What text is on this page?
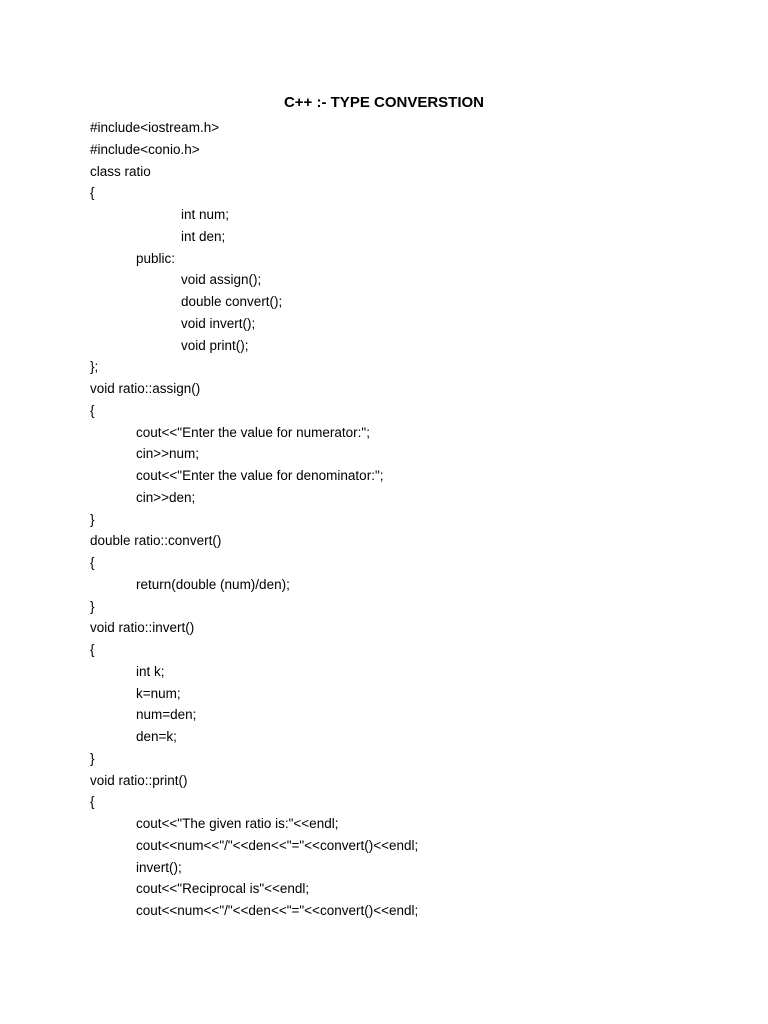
C++ :- TYPE CONVERSTION
#include<iostream.h>
#include<conio.h>
class ratio
{
int num;
int den;
public:
void assign();
double convert();
void invert();
void print();
};
void ratio::assign()
{
cout<<"Enter the value for numerator:";
cin>>num;
cout<<"Enter the value for denominator:";
cin>>den;
}
double ratio::convert()
{
return(double (num)/den);
}
void ratio::invert()
{
int k;
k=num;
num=den;
den=k;
}
void ratio::print()
{
cout<<"The given ratio is:"<<endl;
cout<<num<<"/"<<den<<"="<<convert()<<endl;
invert();
cout<<"Reciprocal is"<<endl;
cout<<num<<"/"<<den<<"="<<convert()<<endl;
